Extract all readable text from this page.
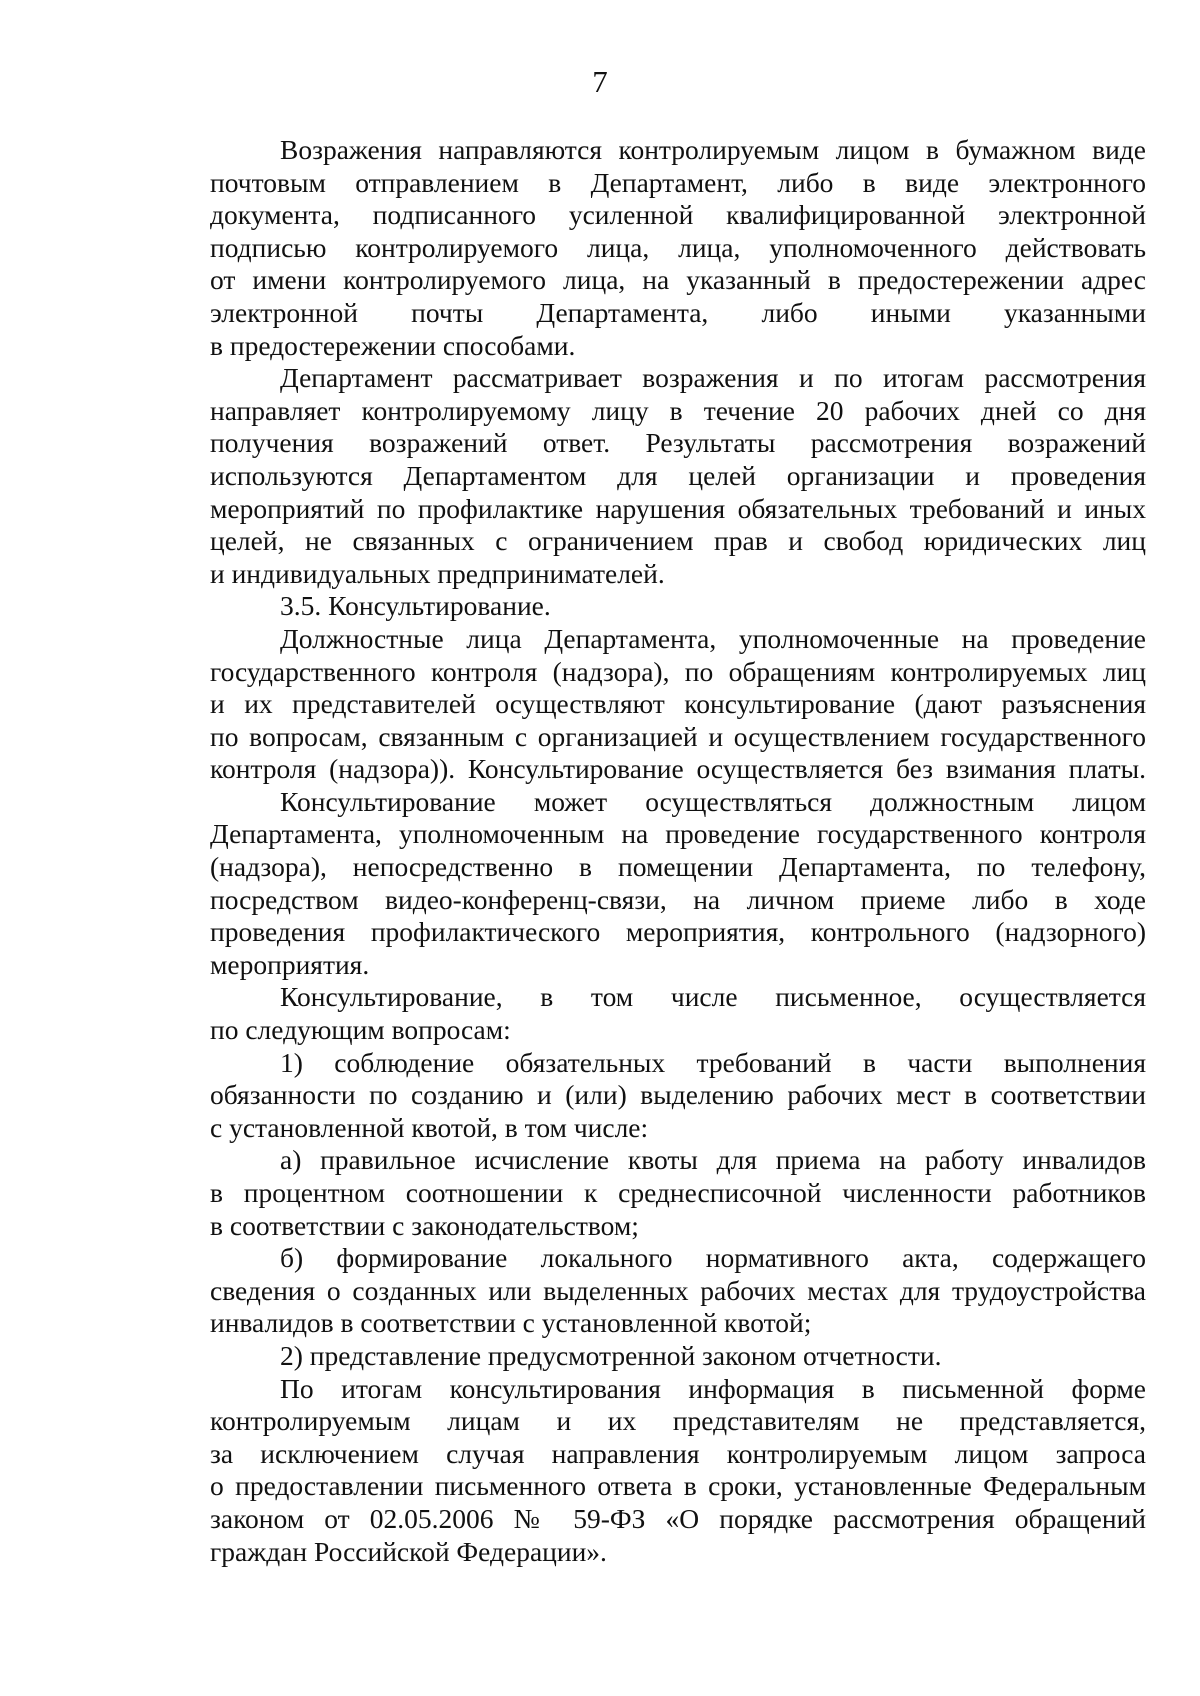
7
Возражения направляются контролируемым лицом в бумажном виде
почтовым отправлением в Департамент, либо в виде электронного
документа, подписанного усиленной квалифицированной электронной
подписью контролируемого лица, лица, уполномоченного действовать
от имени контролируемого лица, на указанный в предостережении адрес
электронной почты Департамента, либо иными указанными
в предостережении способами.
Департамент рассматривает возражения и по итогам рассмотрения
направляет контролируемому лицу в течение 20 рабочих дней со дня
получения возражений ответ. Результаты рассмотрения возражений
используются Департаментом для целей организации и проведения
мероприятий по профилактике нарушения обязательных требований и иных
целей, не связанных с ограничением прав и свобод юридических лиц
и индивидуальных предпринимателей.
3.5. Консультирование.
Должностные лица Департамента, уполномоченные на проведение
государственного контроля (надзора), по обращениям контролируемых лиц
и их представителей осуществляют консультирование (дают разъяснения
по вопросам, связанным с организацией и осуществлением государственного
контроля (надзора)). Консультирование осуществляется без взимания платы.
Консультирование может осуществляться должностным лицом
Департамента, уполномоченным на проведение государственного контроля
(надзора), непосредственно в помещении Департамента, по телефону,
посредством видео-конференц-связи, на личном приеме либо в ходе
проведения профилактического мероприятия, контрольного (надзорного)
мероприятия.
Консультирование, в том числе письменное, осуществляется
по следующим вопросам:
1) соблюдение обязательных требований в части выполнения
обязанности по созданию и (или) выделению рабочих мест в соответствии
с установленной квотой, в том числе:
а) правильное исчисление квоты для приема на работу инвалидов
в процентном соотношении к среднесписочной численности работников
в соответствии с законодательством;
б) формирование локального нормативного акта, содержащего
сведения о созданных или выделенных рабочих местах для трудоустройства
инвалидов в соответствии с установленной квотой;
2) представление предусмотренной законом отчетности.
По итогам консультирования информация в письменной форме
контролируемым лицам и их представителям не представляется,
за исключением случая направления контролируемым лицом запроса
о предоставлении письменного ответа в сроки, установленные Федеральным
законом от 02.05.2006 № 59-ФЗ «О порядке рассмотрения обращений
граждан Российской Федерации».
